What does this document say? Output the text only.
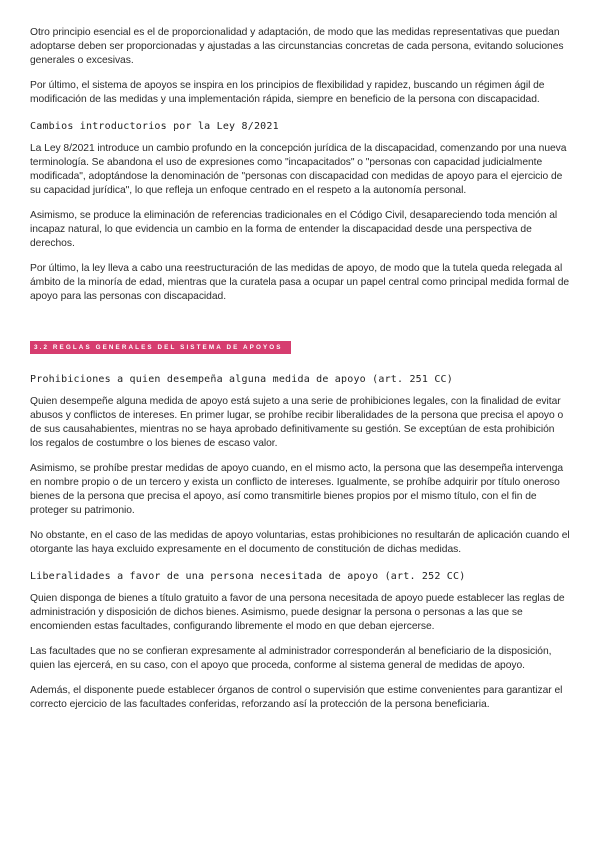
Otro principio esencial es el de proporcionalidad y adaptación, de modo que las medidas representativas que puedan adoptarse deben ser proporcionadas y ajustadas a las circunstancias concretas de cada persona, evitando soluciones generales o excesivas.

Por último, el sistema de apoyos se inspira en los principios de flexibilidad y rapidez, buscando un régimen ágil de modificación de las medidas y una implementación rápida, siempre en beneficio de la persona con discapacidad.

Cambios introductorios por la Ley 8/2021

La Ley 8/2021 introduce un cambio profundo en la concepción jurídica de la discapacidad, comenzando por una nueva terminología. Se abandona el uso de expresiones como "incapacitados" o "personas con capacidad judicialmente modificada", adoptándose la denominación de "personas con discapacidad con medidas de apoyo para el ejercicio de su capacidad jurídica", lo que refleja un enfoque centrado en el respeto a la autonomía personal.

Asimismo, se produce la eliminación de referencias tradicionales en el Código Civil, desapareciendo toda mención al incapaz natural, lo que evidencia un cambio en la forma de entender la discapacidad desde una perspectiva de derechos.

Por último, la ley lleva a cabo una reestructuración de las medidas de apoyo, de modo que la tutela queda relegada al ámbito de la minoría de edad, mientras que la curatela pasa a ocupar un papel central como principal medida formal de apoyo para las personas con discapacidad.

3.2 REGLAS GENERALES DEL SISTEMA DE APOYOS
Prohibiciones a quien desempeña alguna medida de apoyo (art. 251 CC)

Quien desempeñe alguna medida de apoyo está sujeto a una serie de prohibiciones legales, con la finalidad de evitar abusos y conflictos de intereses. En primer lugar, se prohíbe recibir liberalidades de la persona que precisa el apoyo o de sus causahabientes, mientras no se haya aprobado definitivamente su gestión. Se exceptúan de esta prohibición los regalos de costumbre o los bienes de escaso valor.

Asimismo, se prohíbe prestar medidas de apoyo cuando, en el mismo acto, la persona que las desempeña intervenga en nombre propio o de un tercero y exista un conflicto de intereses. Igualmente, se prohíbe adquirir por título oneroso bienes de la persona que precisa el apoyo, así como transmitirle bienes propios por el mismo título, con el fin de proteger su patrimonio.

No obstante, en el caso de las medidas de apoyo voluntarias, estas prohibiciones no resultarán de aplicación cuando el otorgante las haya excluido expresamente en el documento de constitución de dichas medidas.

Liberalidades a favor de una persona necesitada de apoyo (art. 252 CC)

Quien disponga de bienes a título gratuito a favor de una persona necesitada de apoyo puede establecer las reglas de administración y disposición de dichos bienes. Asimismo, puede designar la persona o personas a las que se encomienden estas facultades, configurando libremente el modo en que deban ejercerse.

Las facultades que no se confieran expresamente al administrador corresponderán al beneficiario de la disposición, quien las ejercerá, en su caso, con el apoyo que proceda, conforme al sistema general de medidas de apoyo.

Además, el disponente puede establecer órganos de control o supervisión que estime convenientes para garantizar el correcto ejercicio de las facultades conferidas, reforzando así la protección de la persona beneficiaria.
